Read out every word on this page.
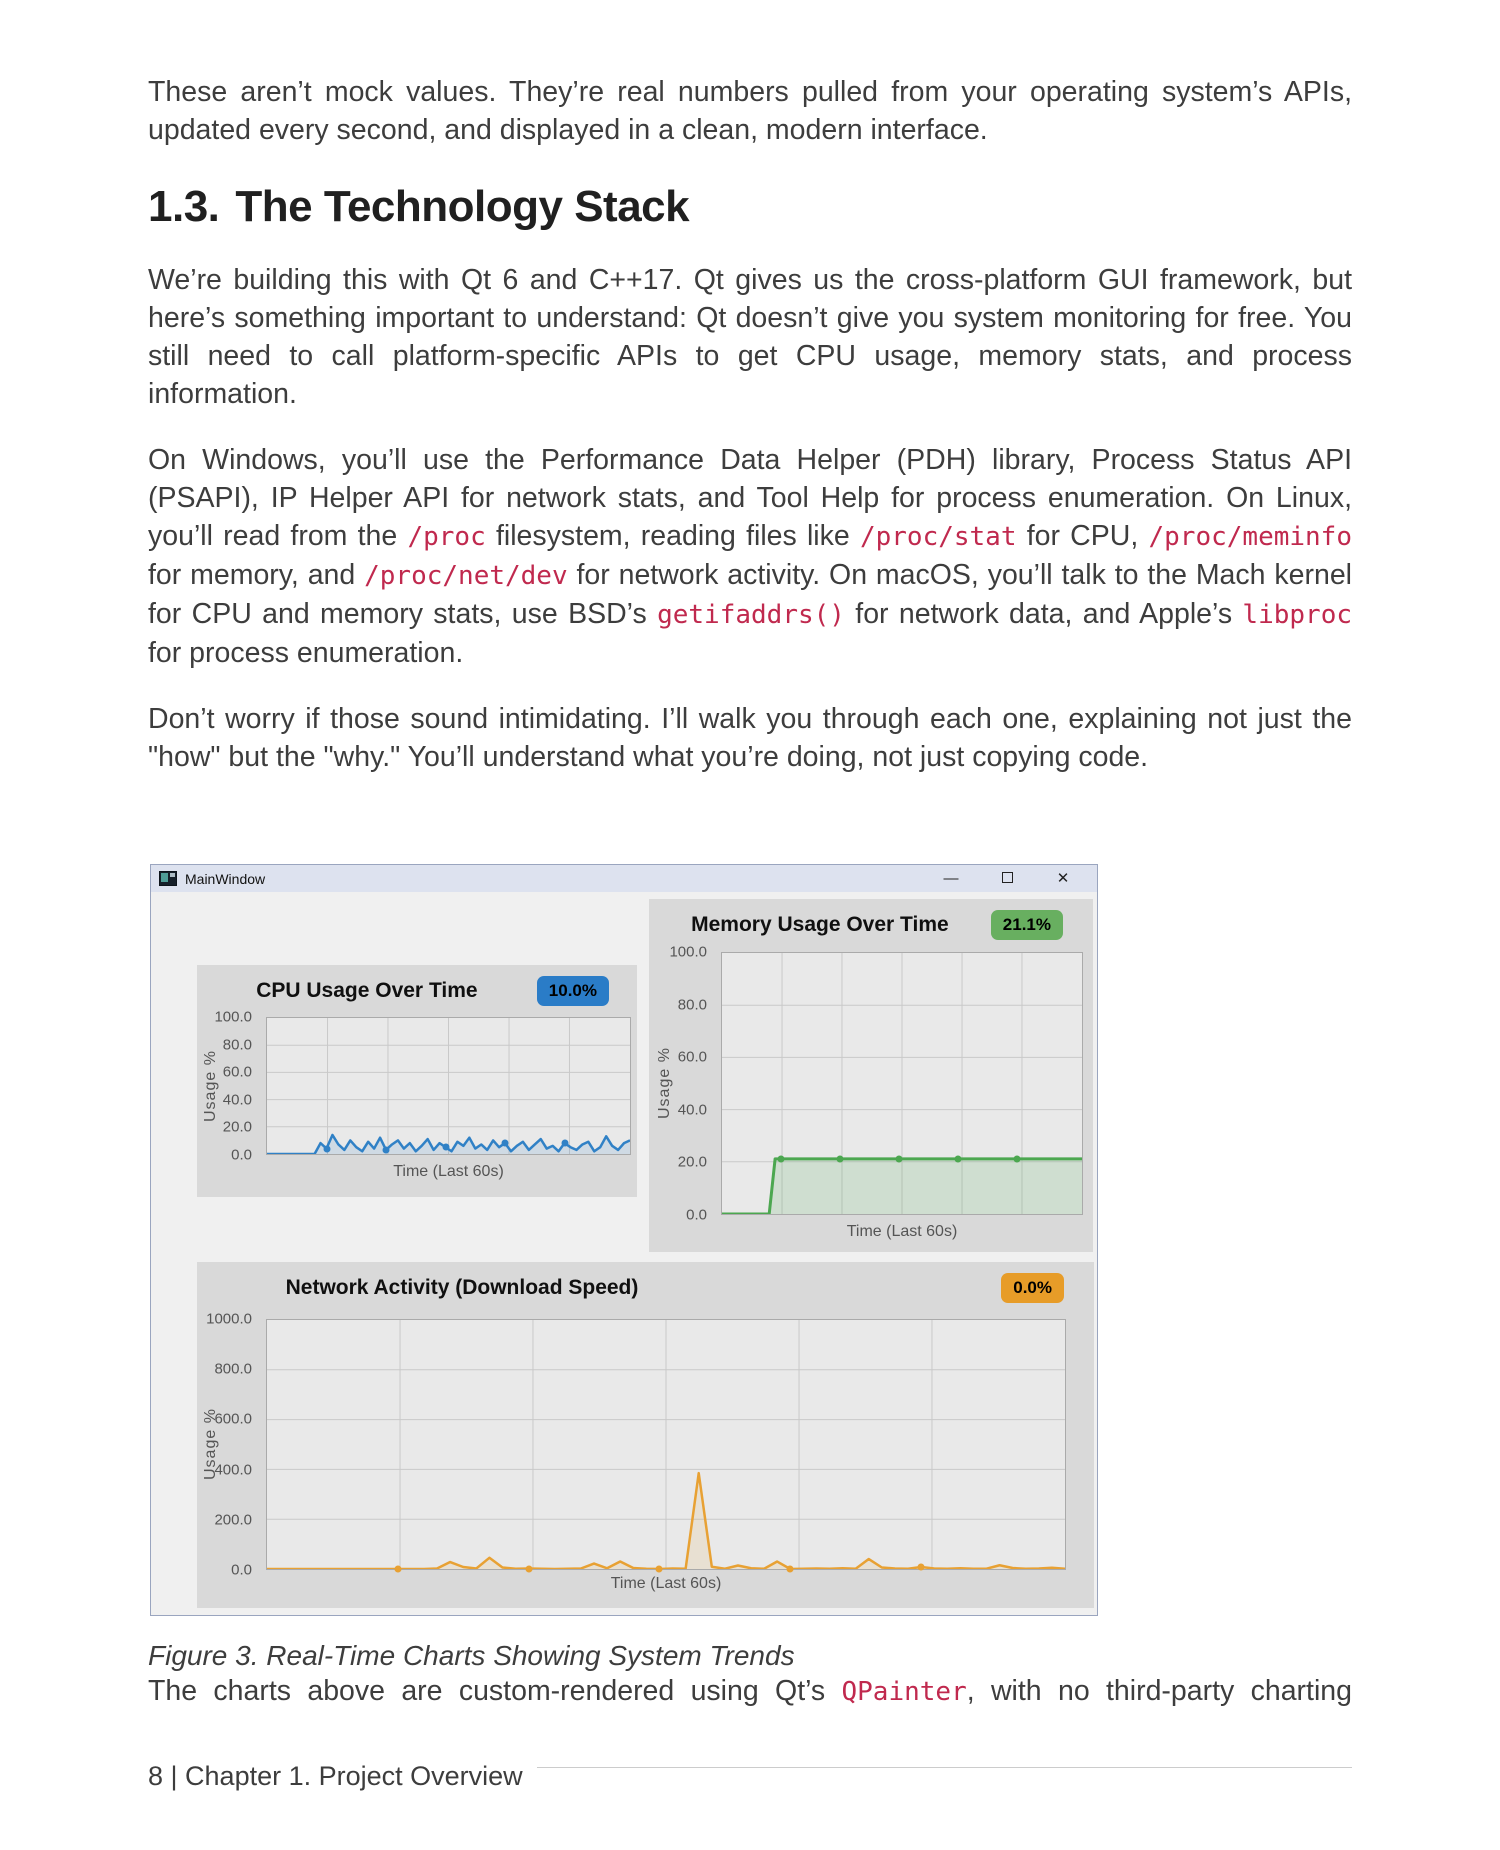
These aren’t mock values. They’re real numbers pulled from your operating system’s APIs, updated every second, and displayed in a clean, modern interface.

1.3. The Technology Stack

We’re building this with Qt 6 and C++17. Qt gives us the cross-platform GUI framework, but here’s something important to understand: Qt doesn’t give you system monitoring for free. You still need to call platform-specific APIs to get CPU usage, memory stats, and process information.

On Windows, you’ll use the Performance Data Helper (PDH) library, Process Status API (PSAPI), IP Helper API for network stats, and Tool Help for process enumeration. On Linux, you’ll read from the /proc filesystem, reading files like /proc/stat for CPU, /proc/meminfo for memory, and /proc/net/dev for network activity. On macOS, you’ll talk to the Mach kernel for CPU and memory stats, use BSD’s getifaddrs() for network data, and Apple’s libproc for process enumeration.

Don’t worry if those sound intimidating. I’ll walk you through each one, explaining not just the "how" but the "why." You’ll understand what you’re doing, not just copying code.

MainWindow	—	✕
CPU Usage Over Time	10.0%
Usage %
100.0
80.0
60.0
40.0
20.0
0.0
Time (Last 60s)
Memory Usage Over Time	21.1%
Usage %
100.0
80.0
60.0
40.0
20.0
0.0
Time (Last 60s)
Network Activity (Download Speed)	0.0%
Usage %
1000.0
800.0
600.0
400.0
200.0
0.0
Time (Last 60s)

Figure 3. Real-Time Charts Showing System Trends

The charts above are custom-rendered using Qt’s QPainter, with no third-party charting

8 | Chapter 1. Project Overview
